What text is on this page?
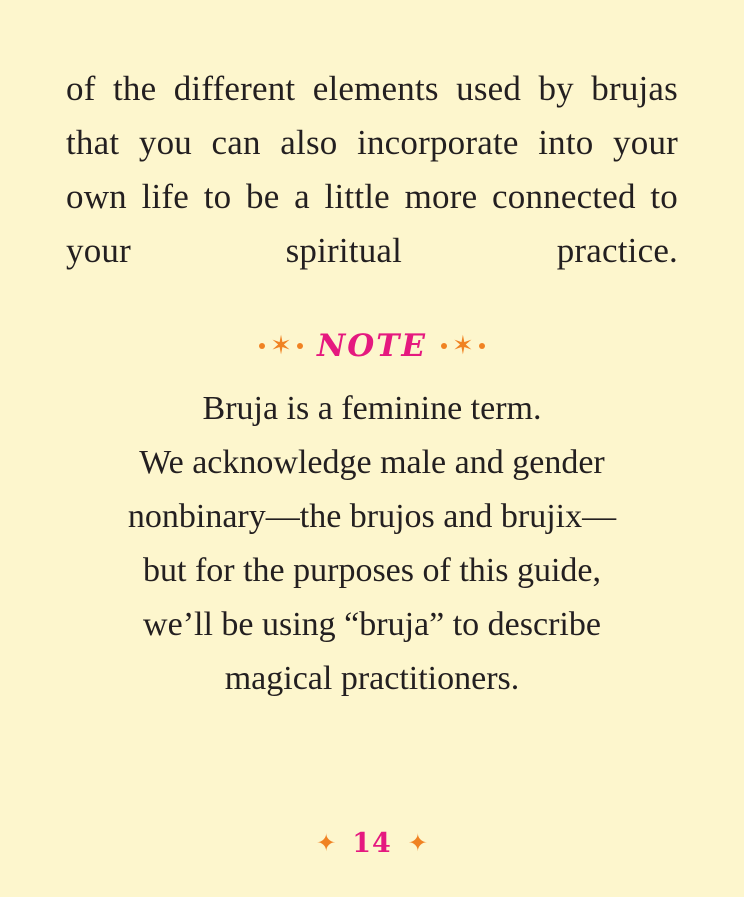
of the different elements used by brujas that you can also incorporate into your own life to be a little more connected to your spiritual practice.

✶ NOTE ✶
Bruja is a feminine term.
We acknowledge male and gender
nonbinary—the brujos and brujix—
but for the purposes of this guide,
we’ll be using “bruja” to describe
magical practitioners.
✦ 14 ✦
